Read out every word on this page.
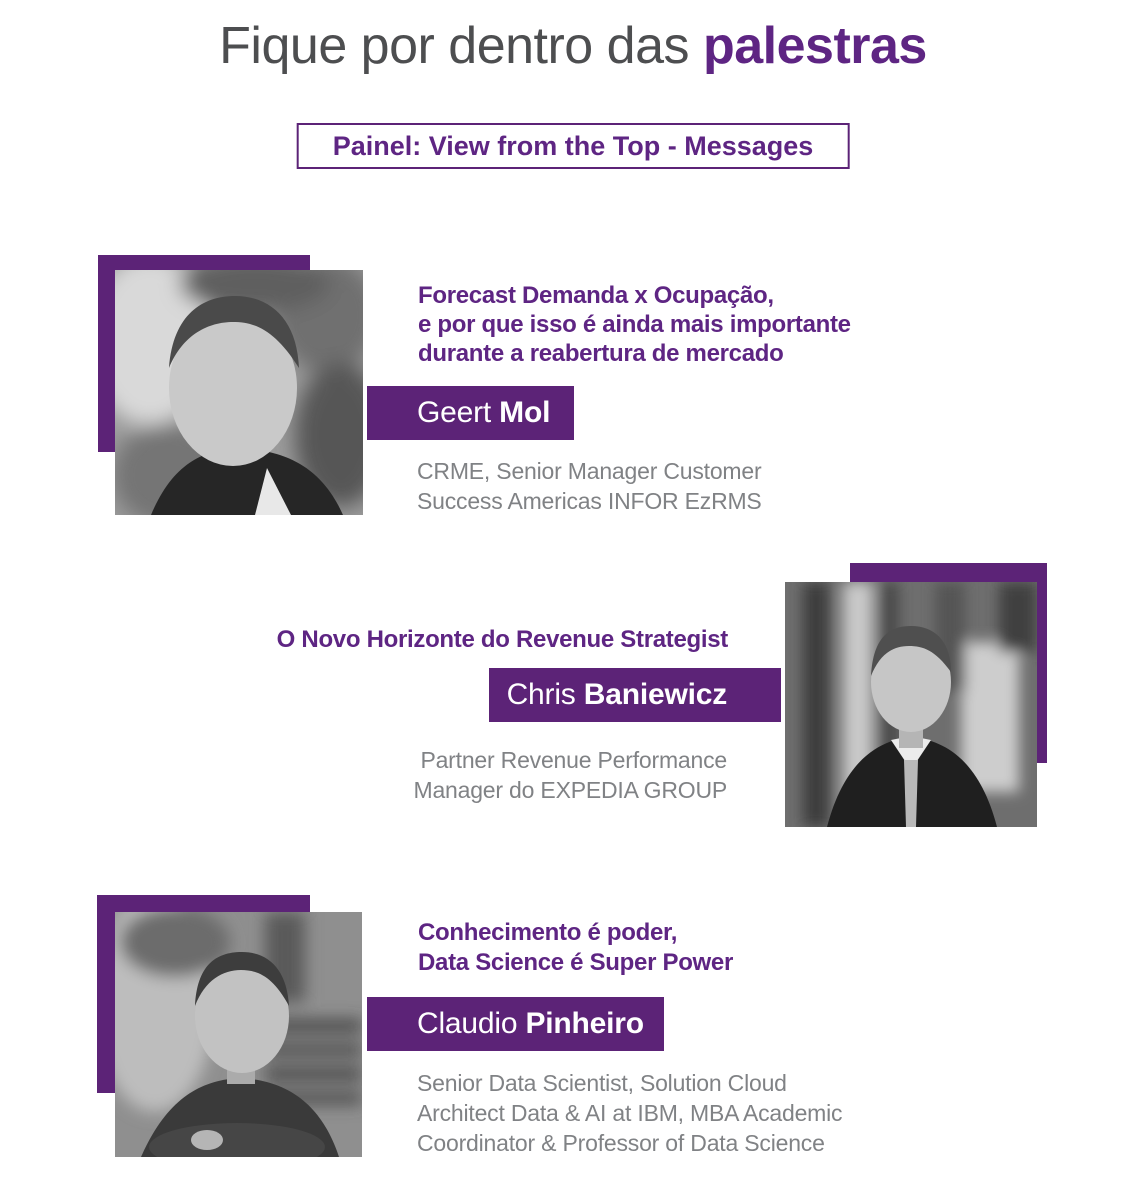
Fique por dentro das palestras
Painel: View from the Top - Messages
Forecast Demanda x Ocupação,
e por que isso é ainda mais importante
durante a reabertura de mercado
Geert Mol
CRME, Senior Manager Customer
Success Americas INFOR EzRMS
O Novo Horizonte do Revenue Strategist
Chris Baniewicz
Partner Revenue Performance
Manager do EXPEDIA GROUP
Conhecimento é poder,
Data Science é Super Power
Claudio Pinheiro
Senior Data Scientist, Solution Cloud
Architect Data & AI at IBM, MBA Academic
Coordinator & Professor of Data Science
